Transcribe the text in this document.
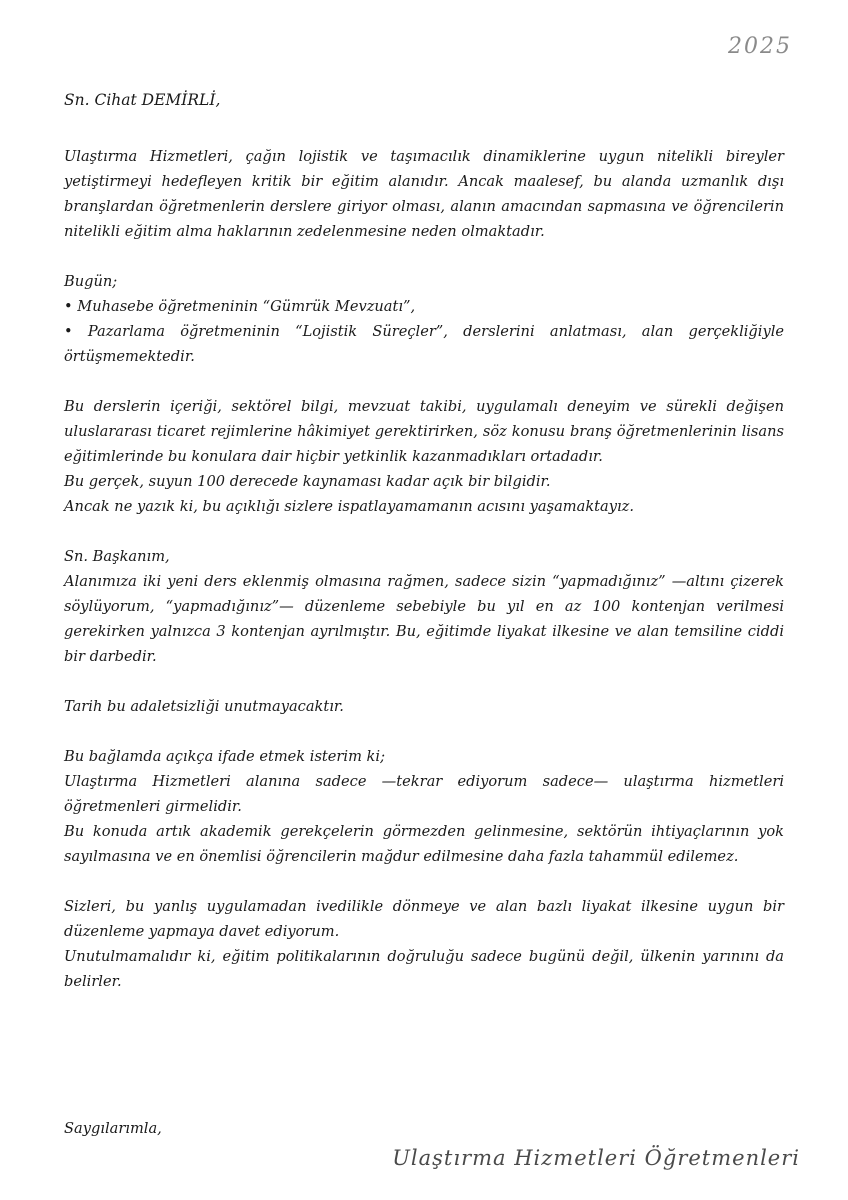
2025

Sn. Cihat DEMİRLİ,

Ulaştırma Hizmetleri, çağın lojistik ve taşımacılık dinamiklerine uygun nitelikli bireyler yetiştirmeyi hedefleyen kritik bir eğitim alanıdır. Ancak maalesef, bu alanda uzmanlık dışı branşlardan öğretmenlerin derslere giriyor olması, alanın amacından sapmasına ve öğrencilerin nitelikli eğitim alma haklarının zedelenmesine neden olmaktadır.

Bugün;

• Muhasebe öğretmeninin “Gümrük Mevzuatı”,

• Pazarlama öğretmeninin “Lojistik Süreçler”, derslerini anlatması, alan gerçekliğiyle örtüşmemektedir.

Bu derslerin içeriği, sektörel bilgi, mevzuat takibi, uygulamalı deneyim ve sürekli değişen uluslararası ticaret rejimlerine hâkimiyet gerektirirken, söz konusu branş öğretmenlerinin lisans eğitimlerinde bu konulara dair hiçbir yetkinlik kazanmadıkları ortadadır.

Bu gerçek, suyun 100 derecede kaynaması kadar açık bir bilgidir.

Ancak ne yazık ki, bu açıklığı sizlere ispatlayamamanın acısını yaşamaktayız.

Sn. Başkanım,

Alanımıza iki yeni ders eklenmiş olmasına rağmen, sadece sizin “yapmadığınız” —altını çizerek söylüyorum, “yapmadığınız”— düzenleme sebebiyle bu yıl en az 100 kontenjan verilmesi gerekirken yalnızca 3 kontenjan ayrılmıştır. Bu, eğitimde liyakat ilkesine ve alan temsiline ciddi bir darbedir.

Tarih bu adaletsizliği unutmayacaktır.

Bu bağlamda açıkça ifade etmek isterim ki;

Ulaştırma Hizmetleri alanına sadece —tekrar ediyorum sadece— ulaştırma hizmetleri öğretmenleri girmelidir.

Bu konuda artık akademik gerekçelerin görmezden gelinmesine, sektörün ihtiyaçlarının yok sayılmasına ve en önemlisi öğrencilerin mağdur edilmesine daha fazla tahammül edilemez.

Sizleri, bu yanlış uygulamadan ivedilikle dönmeye ve alan bazlı liyakat ilkesine uygun bir düzenleme yapmaya davet ediyorum.

Unutulmamalıdır ki, eğitim politikalarının doğruluğu sadece bugünü değil, ülkenin yarınını da belirler.

Saygılarımla,
Ulaştırma Hizmetleri Öğretmenleri
